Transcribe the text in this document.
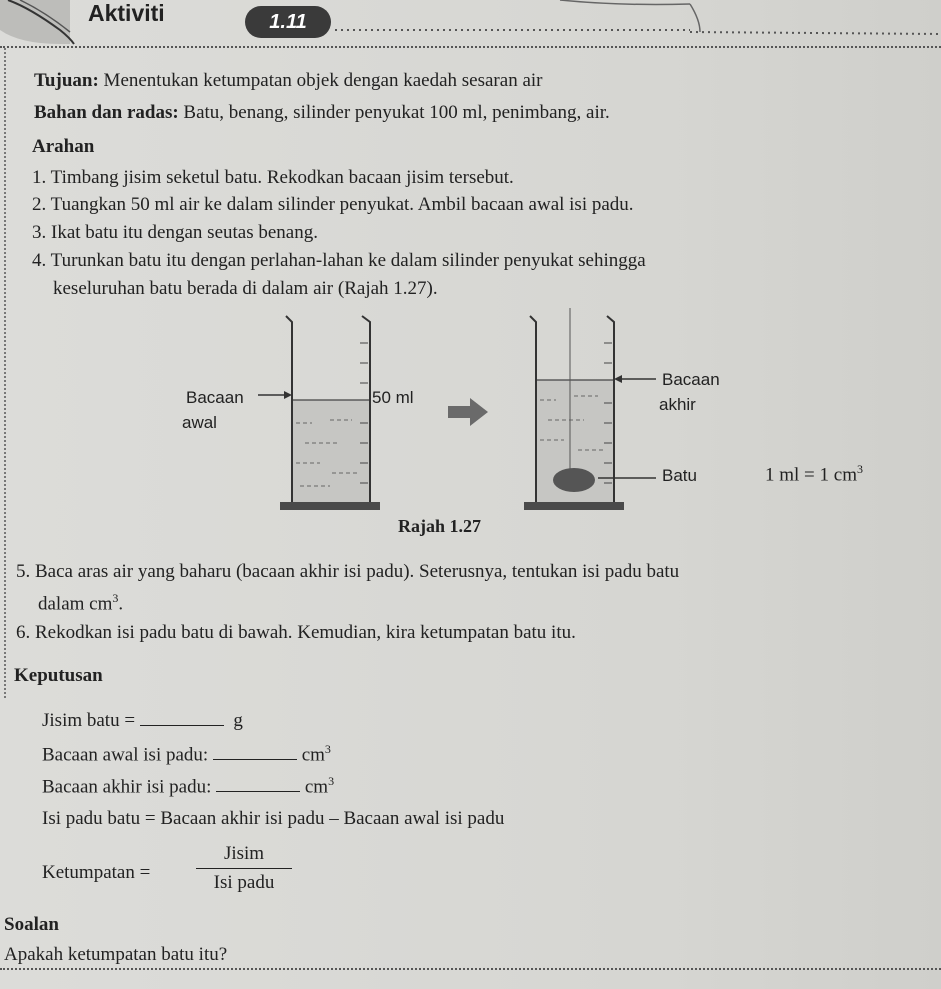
Aktiviti	1.11
Tujuan: Menentukan ketumpatan objek dengan kaedah sesaran air
Bahan dan radas: Batu, benang, silinder penyukat 100 ml, penimbang, air.
Arahan
1. Timbang jisim seketul batu. Rekodkan bacaan jisim tersebut.
2. Tuangkan 50 ml air ke dalam silinder penyukat. Ambil bacaan awal isi padu.
3. Ikat batu itu dengan seutas benang.
4. Turunkan batu itu dengan perlahan-lahan ke dalam silinder penyukat sehingga
keseluruhan batu berada di dalam air (Rajah 1.27).
Bacaan
awal
50 ml
Bacaan
akhir
Batu	1 ml = 1 $cm^3$
Rajah 1.27
5. Baca aras air yang baharu (bacaan akhir isi padu). Seterusnya, tentukan isi padu batu
dalam $cm^3$.
6. Rekodkan isi padu batu di bawah. Kemudian, kira ketumpatan batu itu.
Keputusan
Jisim batu =	g
Bacaan awal isi padu:	$cm^3$
Bacaan akhir isi padu:	$cm^3$
Isi padu batu = Bacaan akhir isi padu – Bacaan awal isi padu
Ketumpatan =
Jisim
Isi padu
Soalan
Apakah ketumpatan batu itu?
